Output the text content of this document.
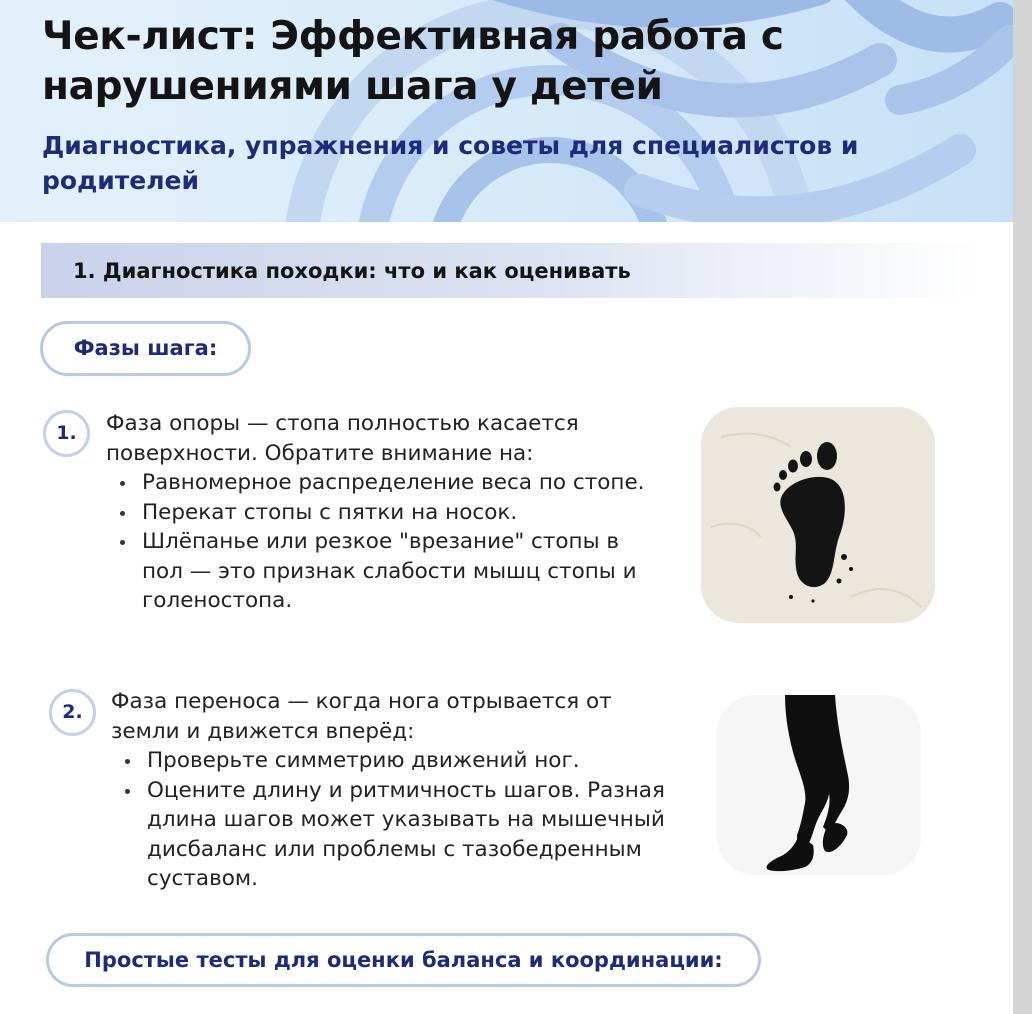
Чек-лист: Эффективная работа с нарушениями шага у детей
Диагностика, упражнения и советы для специалистов и родителей
1. Диагностика походки: что и как оценивать
Фазы шага:
1.	Фаза опоры — стопа полностью касается поверхности. Обратите внимание на:
Равномерное распределение веса по стопе.
Перекат стопы с пятки на носок.
Шлёпанье или резкое "врезание" стопы в пол — это признак слабости мышц стопы и голеностопа.
2.	Фаза переноса — когда нога отрывается от земли и движется вперёд:
Проверьте симметрию движений ног.
Оцените длину и ритмичность шагов. Разная длина шагов может указывать на мышечный дисбаланс или проблемы с тазобедренным суставом.
Простые тесты для оценки баланса и координации:
